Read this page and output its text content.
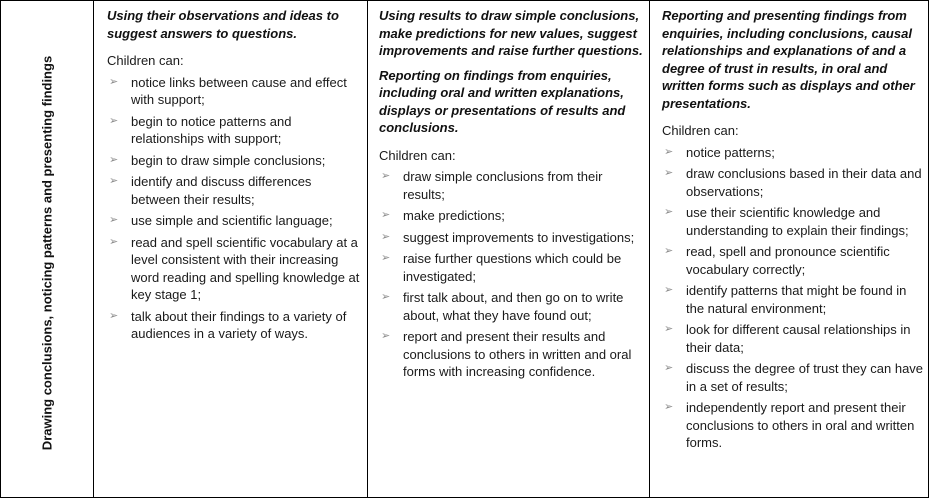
Drawing conclusions, noticing patterns and presenting findings

Using their observations and ideas to suggest answers to questions.

Children can:

➢ notice links between cause and effect with support;
➢ begin to notice patterns and relationships with support;
➢ begin to draw simple conclusions;
➢ identify and discuss differences between their results;
➢ use simple and scientific language;
➢ read and spell scientific vocabulary at a level consistent with their increasing word reading and spelling knowledge at key stage 1;
➢ talk about their findings to a variety of audiences in a variety of ways.

Using results to draw simple conclusions, make predictions for new values, suggest improvements and raise further questions.

Reporting on findings from enquiries, including oral and written explanations, displays or presentations of results and conclusions.

Children can:

➢ draw simple conclusions from their results;
➢ make predictions;
➢ suggest improvements to investigations;
➢ raise further questions which could be investigated;
➢ first talk about, and then go on to write about, what they have found out;
➢ report and present their results and conclusions to others in written and oral forms with increasing confidence.

Reporting and presenting findings from enquiries, including conclusions, causal relationships and explanations of and a degree of trust in results, in oral and written forms such as displays and other presentations.

Children can:

➢ notice patterns;
➢ draw conclusions based in their data and observations;
➢ use their scientific knowledge and understanding to explain their findings;
➢ read, spell and pronounce scientific vocabulary correctly;
➢ identify patterns that might be found in the natural environment;
➢ look for different causal relationships in their data;
➢ discuss the degree of trust they can have in a set of results;
➢ independently report and present their conclusions to others in oral and written forms.
